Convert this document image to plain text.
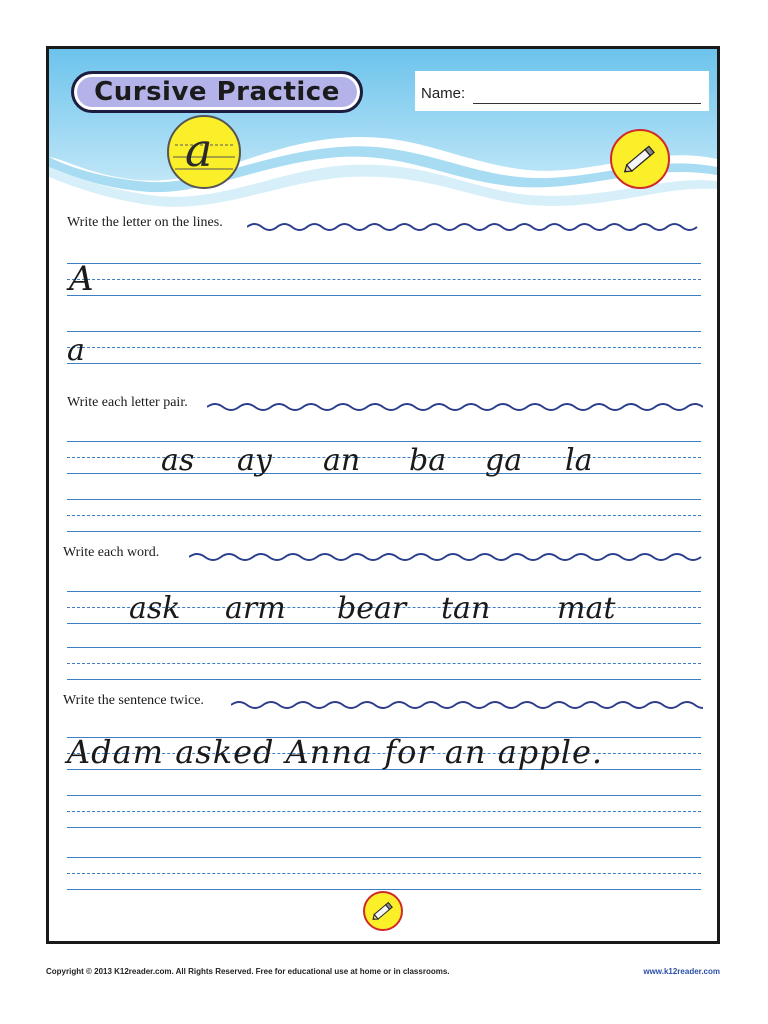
Cursive Practice	Name:
a
Write the letter on the lines.
A
a
Write each letter pair.
as ay an ba ga la
Write each word.
ask arm bear tan mat
Write the sentence twice.
Adam asked Anna for an apple.
Copyright © 2013 K12reader.com. All Rights Reserved. Free for educational use at home or in classrooms.	www.k12reader.com
